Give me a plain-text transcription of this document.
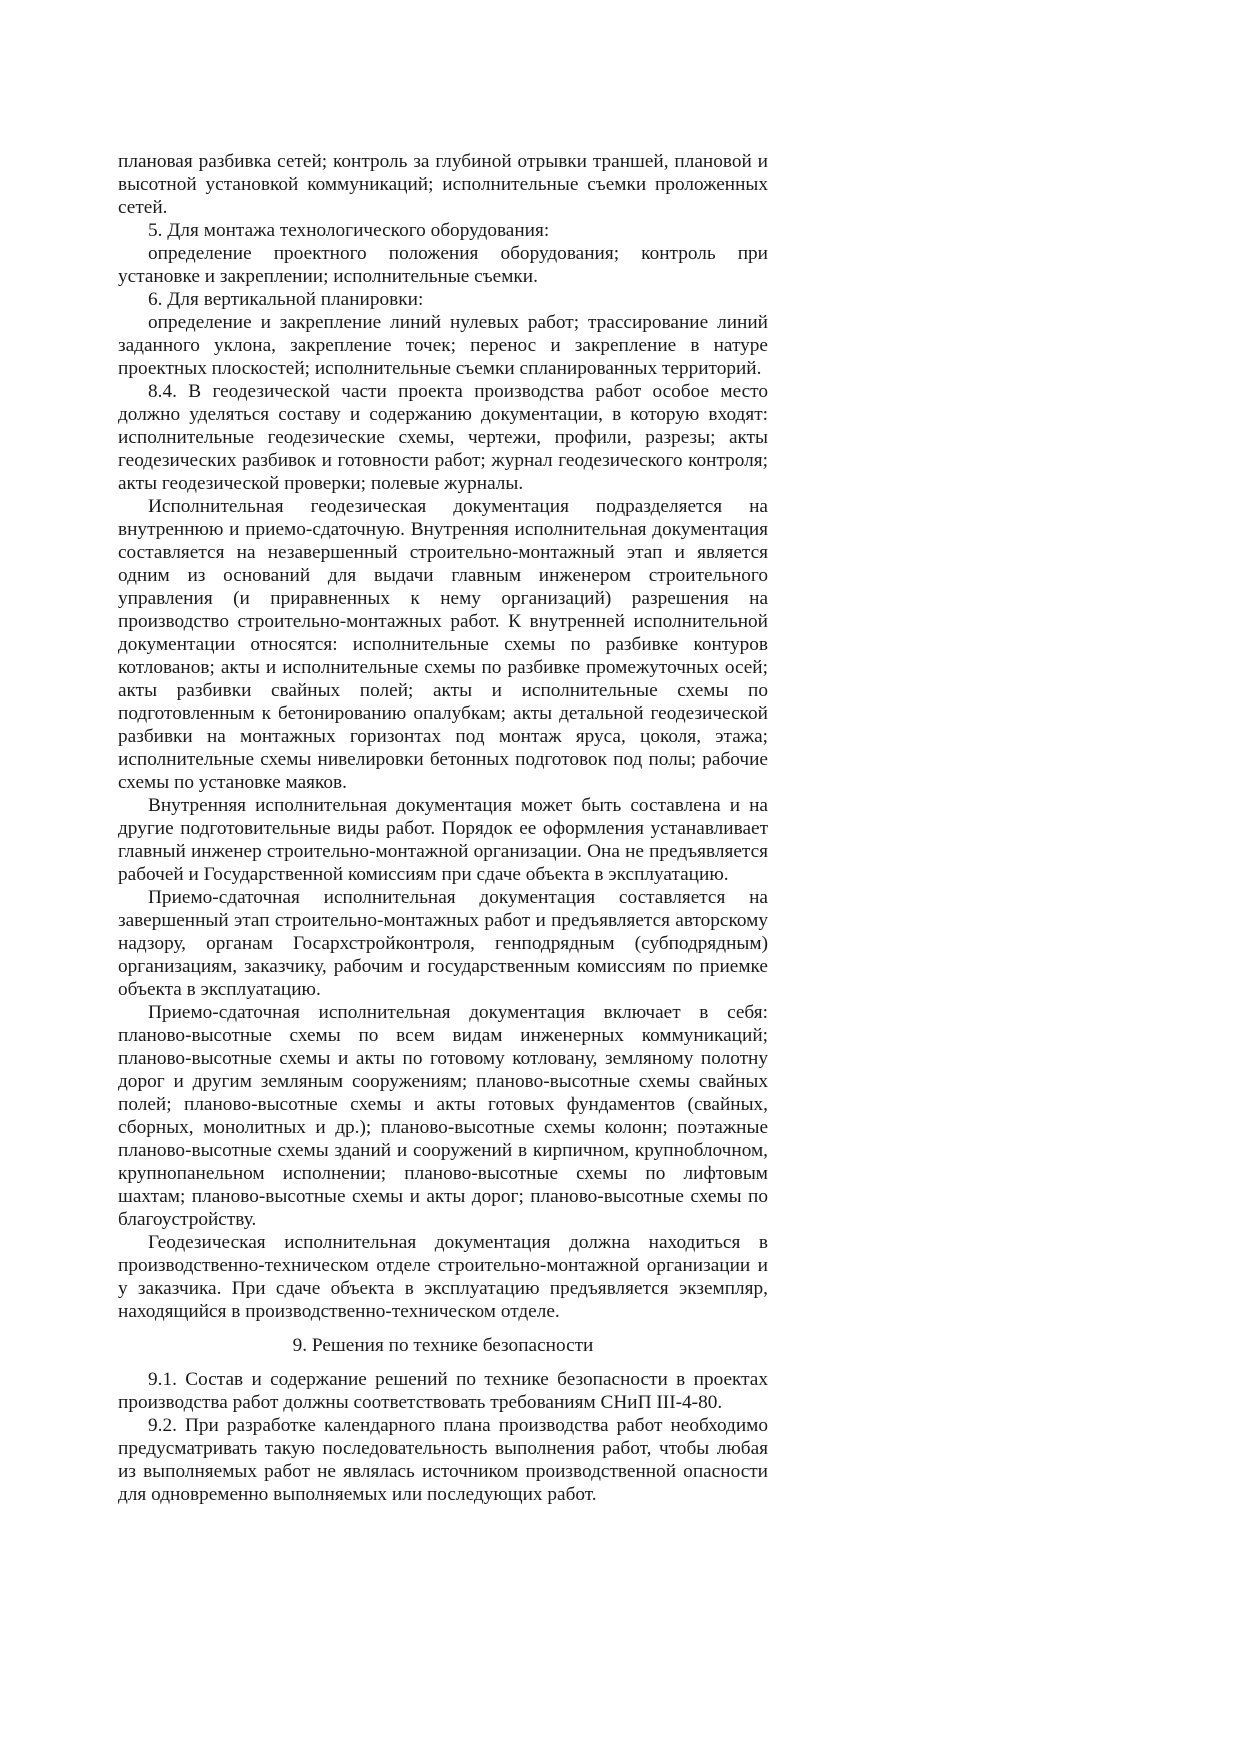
плановая разбивка сетей; контроль за глубиной отрывки траншей, плановой и высотной установкой коммуникаций; исполнительные съемки проложенных сетей.

5. Для монтажа технологического оборудования:

определение проектного положения оборудования; контроль при установке и закреплении; исполнительные съемки.

6. Для вертикальной планировки:

определение и закрепление линий нулевых работ; трассирование линий заданного уклона, закрепление точек; перенос и закрепление в натуре проектных плоскостей; исполнительные съемки спланированных территорий.

8.4. В геодезической части проекта производства работ особое место должно уделяться составу и содержанию документации, в которую входят: исполнительные геодезические схемы, чертежи, профили, разрезы; акты геодезических разбивок и готовности работ; журнал геодезического контроля; акты геодезической проверки; полевые журналы.

Исполнительная геодезическая документация подразделяется на внутреннюю и приемо-сдаточную. Внутренняя исполнительная документация составляется на незавершенный строительно-монтажный этап и является одним из оснований для выдачи главным инженером строительного управления (и приравненных к нему организаций) разрешения на производство строительно-монтажных работ. К внутренней исполнительной документации относятся: исполнительные схемы по разбивке контуров котлованов; акты и исполнительные схемы по разбивке промежуточных осей; акты разбивки свайных полей; акты и исполнительные схемы по подготовленным к бетонированию опалубкам; акты детальной геодезической разбивки на монтажных горизонтах под монтаж яруса, цоколя, этажа; исполнительные схемы нивелировки бетонных подготовок под полы; рабочие схемы по установке маяков.

Внутренняя исполнительная документация может быть составлена и на другие подготовительные виды работ. Порядок ее оформления устанавливает главный инженер строительно-монтажной организации. Она не предъявляется рабочей и Государственной комиссиям при сдаче объекта в эксплуатацию.

Приемо-сдаточная исполнительная документация составляется на завершенный этап строительно-монтажных работ и предъявляется авторскому надзору, органам Госархстройконтроля, генподрядным (субподрядным) организациям, заказчику, рабочим и государственным комиссиям по приемке объекта в эксплуатацию.

Приемо-сдаточная исполнительная документация включает в себя: планово-высотные схемы по всем видам инженерных коммуникаций; планово-высотные схемы и акты по готовому котловану, земляному полотну дорог и другим земляным сооружениям; планово-высотные схемы свайных полей; планово-высотные схемы и акты готовых фундаментов (свайных, сборных, монолитных и др.); планово-высотные схемы колонн; поэтажные планово-высотные схемы зданий и сооружений в кирпичном, крупноблочном, крупнопанельном исполнении; планово-высотные схемы по лифтовым шахтам; планово-высотные схемы и акты дорог; планово-высотные схемы по благоустройству.

Геодезическая исполнительная документация должна находиться в производственно-техническом отделе строительно-монтажной организации и у заказчика. При сдаче объекта в эксплуатацию предъявляется экземпляр, находящийся в производственно-техническом отделе.

9. Решения по технике безопасности

9.1. Состав и содержание решений по технике безопасности в проектах производства работ должны соответствовать требованиям СНиП III-4-80.

9.2. При разработке календарного плана производства работ необходимо предусматривать такую последовательность выполнения работ, чтобы любая из выполняемых работ не являлась источником производственной опасности для одновременно выполняемых или последующих работ.
